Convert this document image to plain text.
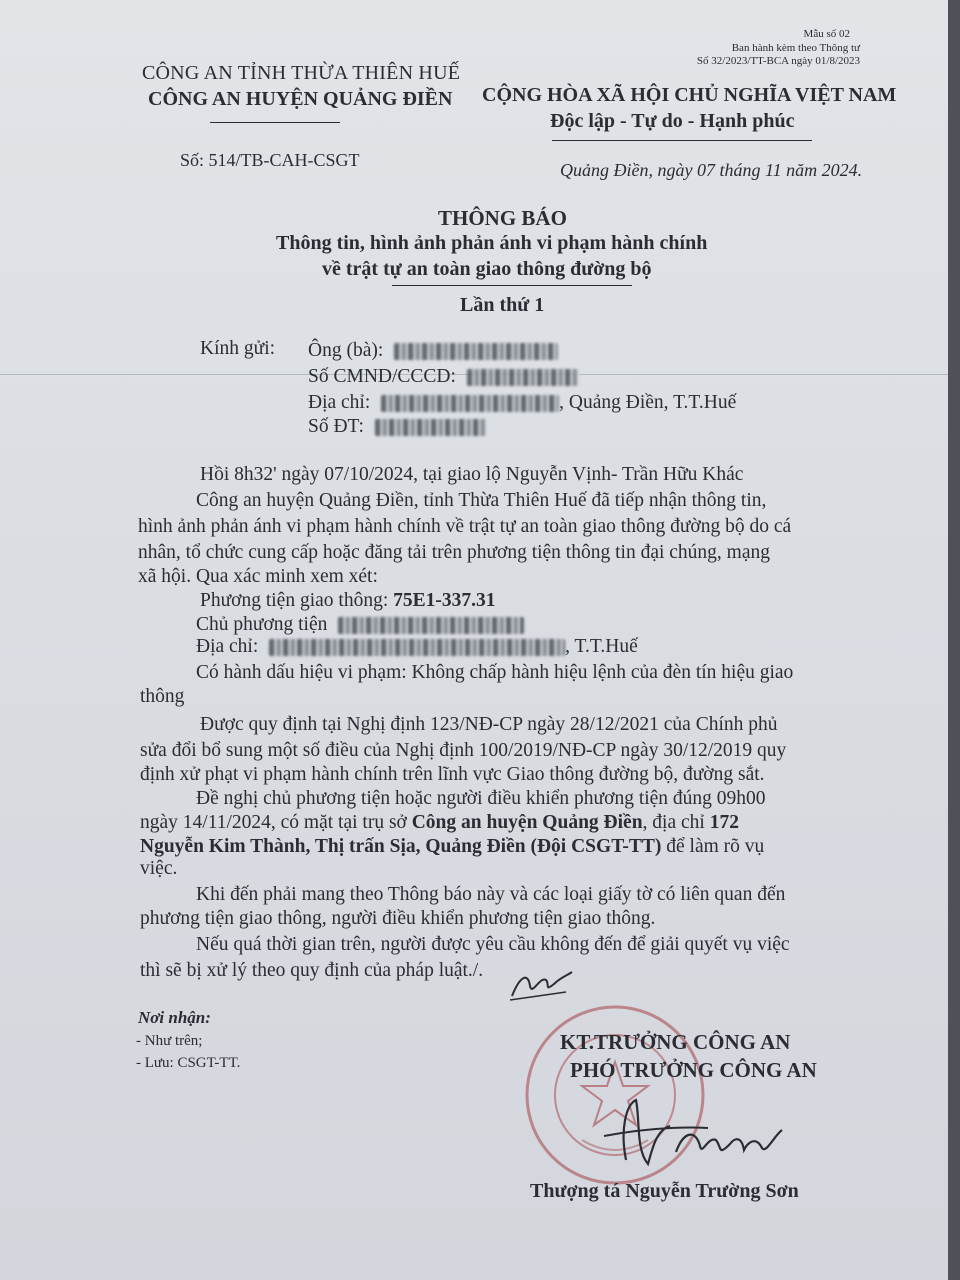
Mẫu số 02
Ban hành kèm theo Thông tư
Số 32/2023/TT-BCA ngày 01/8/2023
CÔNG AN TỈNH THỪA THIÊN HUẾ
CÔNG AN HUYỆN QUẢNG ĐIỀN CỘNG HÒA XÃ HỘI CHỦ NGHĨA VIỆT NAM
Độc lập - Tự do - Hạnh phúc
Số: 514/TB-CAH-CSGT	Quảng Điền, ngày 07 tháng 11 năm 2024.
THÔNG BÁO
Thông tin, hình ảnh phản ánh vi phạm hành chính
về trật tự an toàn giao thông đường bộ
Lần thứ 1
Kính gửi: Ông (bà):
Số CMND/CCCD:
Địa chỉ:	, Quảng Điền, T.T.Huế
Số ĐT:
Hồi 8h32' ngày 07/10/2024, tại giao lộ Nguyễn Vịnh- Trần Hữu Khác
Công an huyện Quảng Điền, tỉnh Thừa Thiên Huế đã tiếp nhận thông tin,
hình ảnh phản ánh vi phạm hành chính về trật tự an toàn giao thông đường bộ do cá
nhân, tổ chức cung cấp hoặc đăng tải trên phương tiện thông tin đại chúng, mạng
xã hội. Qua xác minh xem xét:
Phương tiện giao thông: 75E1-337.31
Chủ phương tiện
Địa chỉ:	, T.T.Huế
Có hành dấu hiệu vi phạm: Không chấp hành hiệu lệnh của đèn tín hiệu giao
thông
Được quy định tại Nghị định 123/NĐ-CP ngày 28/12/2021 của Chính phủ
sửa đổi bổ sung một số điều của Nghị định 100/2019/NĐ-CP ngày 30/12/2019 quy
định xử phạt vi phạm hành chính trên lĩnh vực Giao thông đường bộ, đường sắt.
Đề nghị chủ phương tiện hoặc người điều khiển phương tiện đúng 09h00
ngày 14/11/2024, có mặt tại trụ sở Công an huyện Quảng Điền, địa chỉ 172
Nguyễn Kim Thành, Thị trấn Sịa, Quảng Điền (Đội CSGT-TT) để làm rõ vụ
việc.
Khi đến phải mang theo Thông báo này và các loại giấy tờ có liên quan đến
phương tiện giao thông, người điều khiển phương tiện giao thông.
Nếu quá thời gian trên, người được yêu cầu không đến để giải quyết vụ việc
thì sẽ bị xử lý theo quy định của pháp luật./.
Nơi nhận:
- Như trên;
- Lưu: CSGT-TT.
KT.TRƯỞNG CÔNG AN
PHÓ TRƯỞNG CÔNG AN
Thượng tá Nguyễn Trường Sơn
